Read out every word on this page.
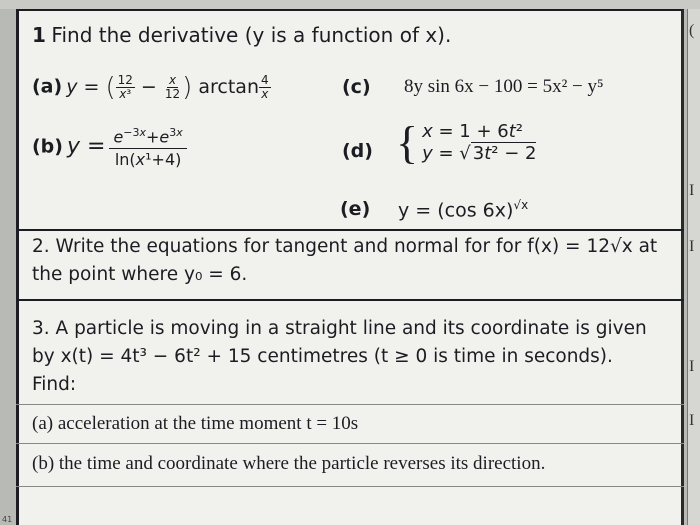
(
I
I
I
I
1 Find the derivative (y is a function of x).
(a) y = ( $\frac{12}{\text{x³}} - \frac{x}{12}$ ) $\arctan \frac{4}{x}$	(c) 8y sin 6x − 100 = 5x² − y⁵
(b) $y = \frac{e^{-3x}+e^{3x}}{\text{ln(x¹+4)}}$	(d) { x = 1 + 6t²
y = √ 3t² − 2
(e) y = (cos 6x)$^{√x}$
2. Write the equations for tangent and normal for for f(x) = 12√x at
the point where y₀ = 6.
3. A particle is moving in a straight line and its coordinate is given
by x(t) = 4t³ − 6t² + 15 centimetres (t ≥ 0 is time in seconds).
Find:
(a) acceleration at the time moment t = 10s
(b) the time and coordinate where the particle reverses its direction.
41
